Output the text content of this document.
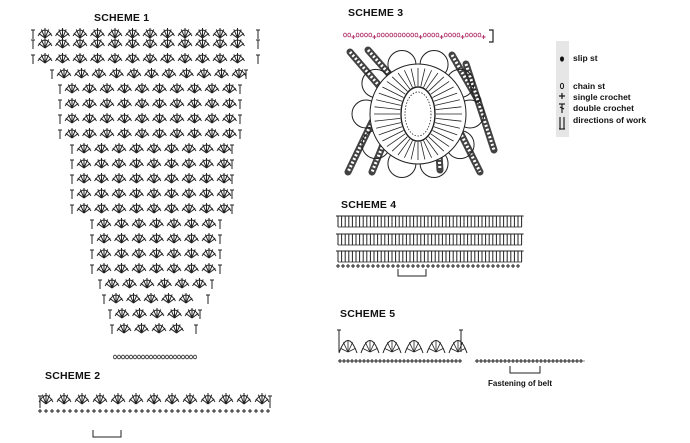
SCHEME 1
SCHEME 2
SCHEME 3
SCHEME 4
SCHEME 5
slip st
chain st
single crochet
double crochet
directions of work
Fastening of belt
